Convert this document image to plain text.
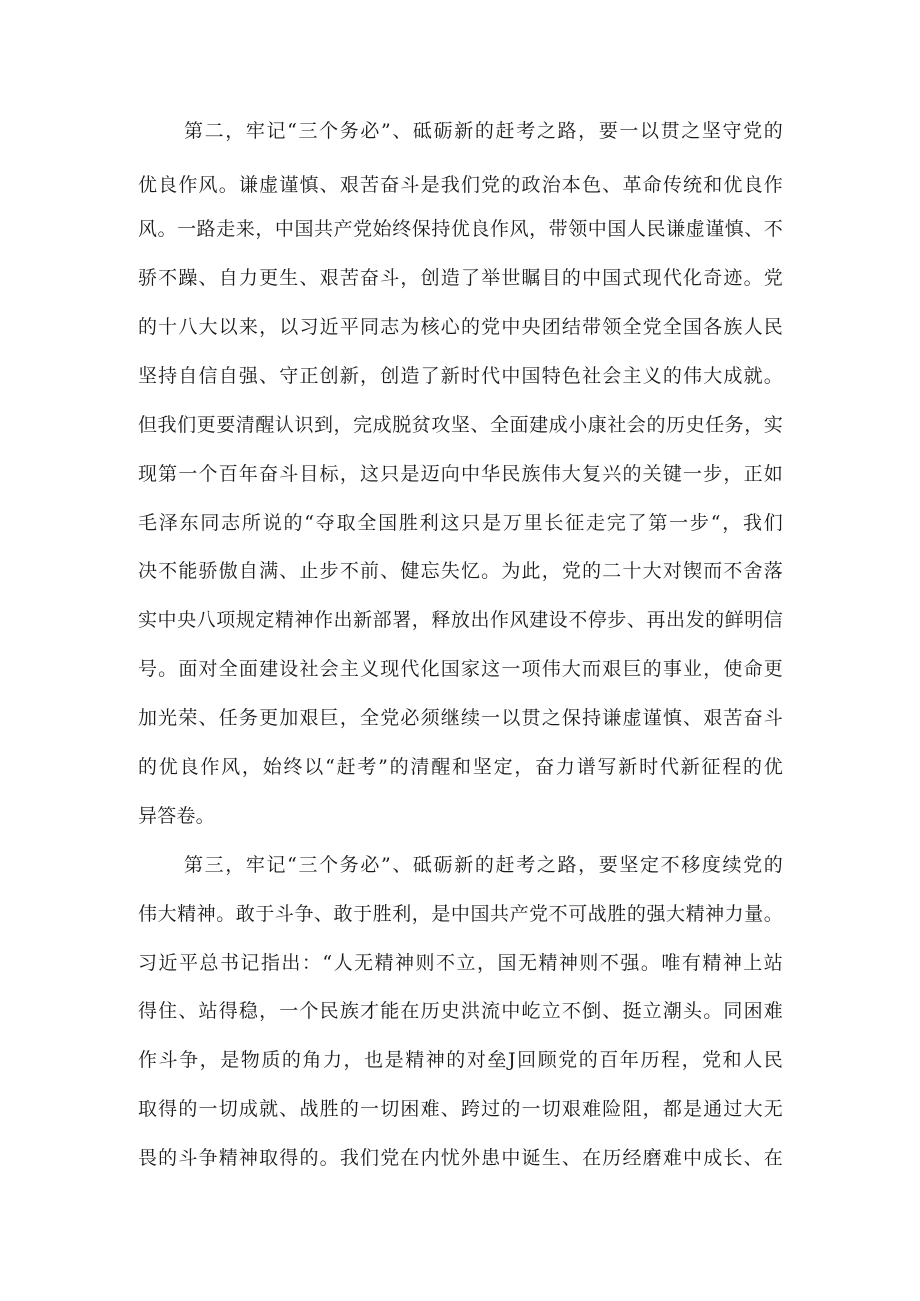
第二，牢记“三个务必”、砥砺新的赶考之路，要一以贯之坚守党的
优良作风。谦虚谨慎、艰苦奋斗是我们党的政治本色、革命传统和优良作
风。一路走来，中国共产党始终保持优良作风，带领中国人民谦虚谨慎、不
骄不躁、自力更生、艰苦奋斗，创造了举世瞩目的中国式现代化奇迹。党
的十八大以来，以习近平同志为核心的党中央团结带领全党全国各族人民
坚持自信自强、守正创新，创造了新时代中国特色社会主义的伟大成就。
但我们更要清醒认识到，完成脱贫攻坚、全面建成小康社会的历史任务，实
现第一个百年奋斗目标，这只是迈向中华民族伟大复兴的关键一步，正如
毛泽东同志所说的“夺取全国胜利这只是万里长征走完了第一步“，我们
决不能骄傲自满、止步不前、健忘失忆。为此，党的二十大对锲而不舍落
实中央八项规定精神作出新部署，释放出作风建设不停步、再出发的鲜明信
号。面对全面建设社会主义现代化国家这一项伟大而艰巨的事业，使命更
加光荣、任务更加艰巨，全党必须继续一以贯之保持谦虚谨慎、艰苦奋斗
的优良作风，始终以“赶考”的清醒和坚定，奋力谱写新时代新征程的优
异答卷。
第三，牢记“三个务必”、砥砺新的赶考之路，要坚定不移度续党的
伟大精神。敢于斗争、敢于胜利，是中国共产党不可战胜的强大精神力量。
习近平总书记指出：“人无精神则不立，国无精神则不强。唯有精神上站
得住、站得稳，一个民族才能在历史洪流中屹立不倒、挺立潮头。同困难
作斗争，是物质的角力，也是精神的对垒J回顾党的百年历程，党和人民
取得的一切成就、战胜的一切困难、跨过的一切艰难险阻，都是通过大无
畏的斗争精神取得的。我们党在内忧外患中诞生、在历经磨难中成长、在
